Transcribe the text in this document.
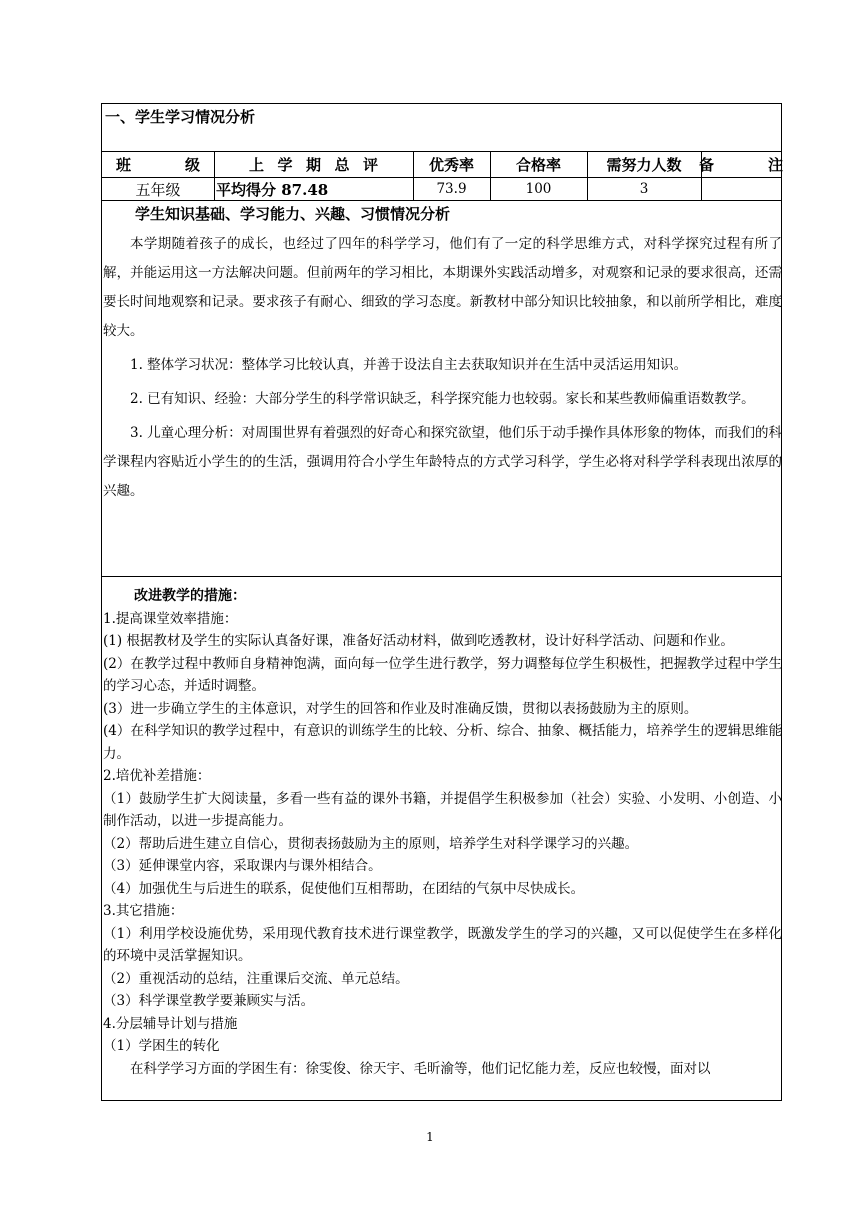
一、学生学习情况分析
班　级	上学期总评	优秀率	合格率	需努力人数	备　注
五年级	平均得分 87.48	73.9	100	3
学生知识基础、学习能力、兴趣、习惯情况分析

本学期随着孩子的成长，也经过了四年的科学学习，他们有了一定的科学思维方式，对科学探究过程有所了解，并能运用这一方法解决问题。但前两年的学习相比，本期课外实践活动增多，对观察和记录的要求很高，还需要长时间地观察和记录。要求孩子有耐心、细致的学习态度。新教材中部分知识比较抽象，和以前所学相比，难度较大。

1. 整体学习状况：整体学习比较认真，并善于设法自主去获取知识并在生活中灵活运用知识。

2. 已有知识、经验：大部分学生的科学常识缺乏，科学探究能力也较弱。家长和某些教师偏重语数教学。

3. 儿童心理分析：对周围世界有着强烈的好奇心和探究欲望，他们乐于动手操作具体形象的物体，而我们的科学课程内容贴近小学生的的生活，强调用符合小学生年龄特点的方式学习科学，学生必将对科学学科表现出浓厚的兴趣。

改进教学的措施：

1.提高课堂效率措施：

(1) 根据教材及学生的实际认真备好课，准备好活动材料，做到吃透教材，设计好科学活动、问题和作业。

(2）在教学过程中教师自身精神饱满，面向每一位学生进行教学，努力调整每位学生积极性，把握教学过程中学生的学习心态，并适时调整。

(3）进一步确立学生的主体意识，对学生的回答和作业及时准确反馈，贯彻以表扬鼓励为主的原则。

(4）在科学知识的教学过程中，有意识的训练学生的比较、分析、综合、抽象、概括能力，培养学生的逻辑思维能力。

2.培优补差措施：

（1）鼓励学生扩大阅读量，多看一些有益的课外书籍，并提倡学生积极参加（社会）实验、小发明、小创造、小制作活动，以进一步提高能力。

（2）帮助后进生建立自信心，贯彻表扬鼓励为主的原则，培养学生对科学课学习的兴趣。

（3）延伸课堂内容，采取课内与课外相结合。

（4）加强优生与后进生的联系，促使他们互相帮助，在团结的气氛中尽快成长。

3.其它措施：

（1）利用学校设施优势，采用现代教育技术进行课堂教学，既激发学生的学习的兴趣，又可以促使学生在多样化的环境中灵活掌握知识。

（2）重视活动的总结，注重课后交流、单元总结。

（3）科学课堂教学要兼顾实与活。

4.分层辅导计划与措施

（1）学困生的转化

在科学学习方面的学困生有：徐雯俊、徐天宇、毛昕渝等，他们记忆能力差，反应也较慢，面对以

1
